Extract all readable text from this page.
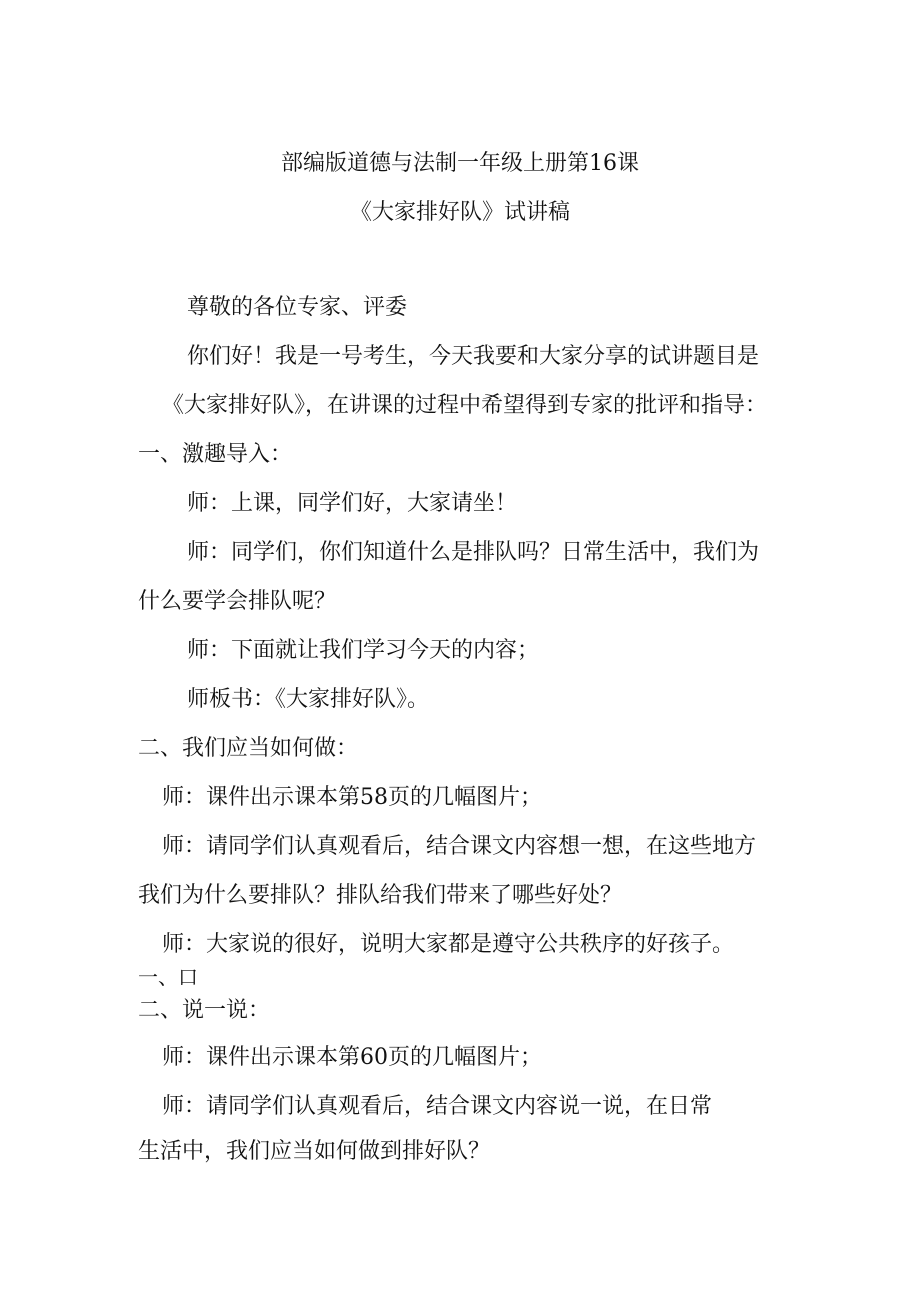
部编版道德与法制一年级上册第16课
《大家排好队》试讲稿
尊敬的各位专家、评委
你们好！我是一号考生，今天我要和大家分享的试讲题目是
《大家排好队》，在讲课的过程中希望得到专家的批评和指导：
一、激趣导入：
师：上课，同学们好，大家请坐！
师：同学们，你们知道什么是排队吗？日常生活中，我们为
什么要学会排队呢？
师：下面就让我们学习今天的内容；
师板书：《大家排好队》。
二、我们应当如何做：
师：课件出示课本第58页的几幅图片；
师：请同学们认真观看后，结合课文内容想一想，在这些地方
我们为什么要排队？排队给我们带来了哪些好处？
师：大家说的很好，说明大家都是遵守公共秩序的好孩子。
一、口
二、说一说：
师：课件出示课本第60页的几幅图片；
师：请同学们认真观看后，结合课文内容说一说，在日常
生活中，我们应当如何做到排好队？
